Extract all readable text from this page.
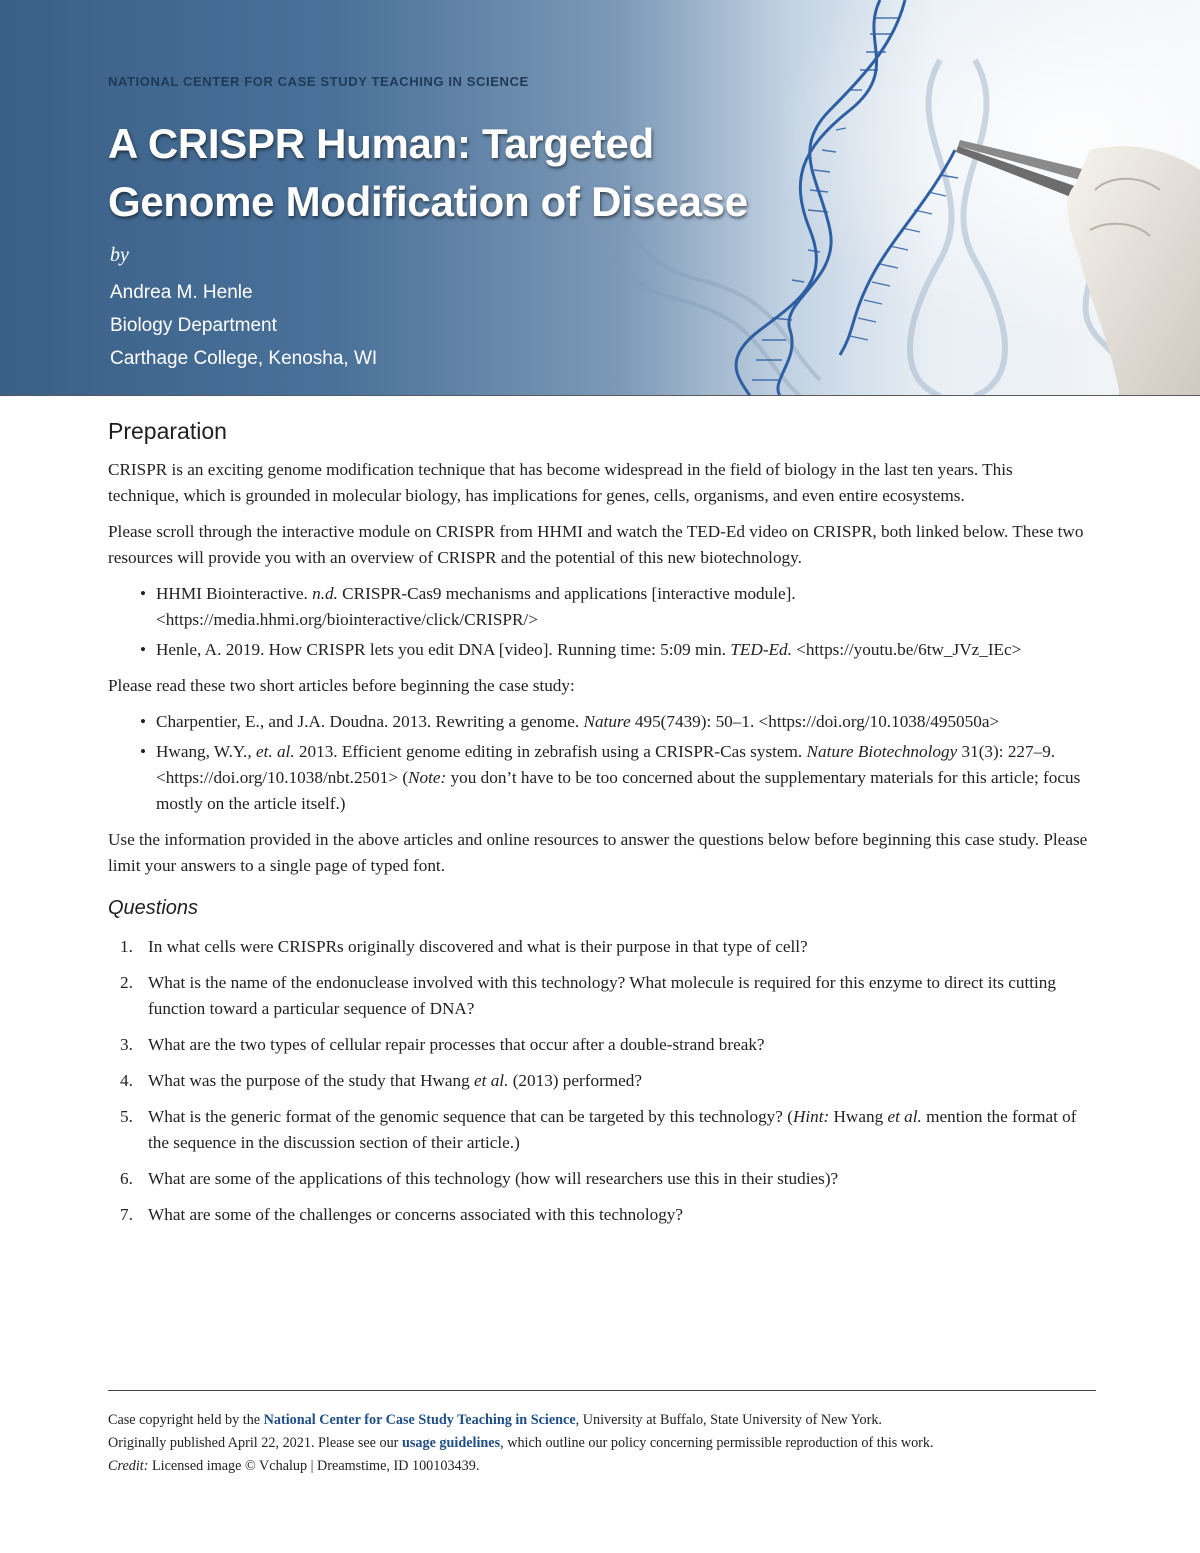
NATIONAL CENTER FOR CASE STUDY TEACHING IN SCIENCE

A CRISPR Human: Targeted
Genome Modification of Disease
by
Andrea M. Henle
Biology Department
Carthage College, Kenosha, WI
Preparation

CRISPR is an exciting genome modification technique that has become widespread in the field of biology in the last ten years. This technique, which is grounded in molecular biology, has implications for genes, cells, organisms, and even entire ecosystems.

Please scroll through the interactive module on CRISPR from HHMI and watch the TED-Ed video on CRISPR, both linked below. These two resources will provide you with an overview of CRISPR and the potential of this new biotechnology.

• HHMI Biointeractive. n.d. CRISPR-Cas9 mechanisms and applications [interactive module]. <https://media.hhmi.org/biointeractive/click/CRISPR/>
• Henle, A. 2019. How CRISPR lets you edit DNA [video]. Running time: 5:09 min. TED-Ed. <https://youtu.be/6tw_JVz_IEc>

Please read these two short articles before beginning the case study:

• Charpentier, E., and J.A. Doudna. 2013. Rewriting a genome. Nature 495(7439): 50–1. <https://doi.org/10.1038/495050a>
• Hwang, W.Y., et. al. 2013. Efficient genome editing in zebrafish using a CRISPR-Cas system. Nature Biotechnology 31(3): 227–9. <https://doi.org/10.1038/nbt.2501> (Note: you don’t have to be too concerned about the supplementary materials for this article; focus mostly on the article itself.)

Use the information provided in the above articles and online resources to answer the questions below before beginning this case study. Please limit your answers to a single page of typed font.

Questions
1. In what cells were CRISPRs originally discovered and what is their purpose in that type of cell?
2. What is the name of the endonuclease involved with this technology? What molecule is required for this enzyme to direct its cutting function toward a particular sequence of DNA?
3. What are the two types of cellular repair processes that occur after a double-strand break?
4. What was the purpose of the study that Hwang et al. (2013) performed?
5. What is the generic format of the genomic sequence that can be targeted by this technology? (Hint: Hwang et al. mention the format of the sequence in the discussion section of their article.)
6. What are some of the applications of this technology (how will researchers use this in their studies)?
7. What are some of the challenges or concerns associated with this technology?
Case copyright held by the National Center for Case Study Teaching in Science, University at Buffalo, State University of New York.
Originally published April 22, 2021. Please see our usage guidelines, which outline our policy concerning permissible reproduction of this work.
Credit: Licensed image © Vchalup | Dreamstime, ID 100103439.
